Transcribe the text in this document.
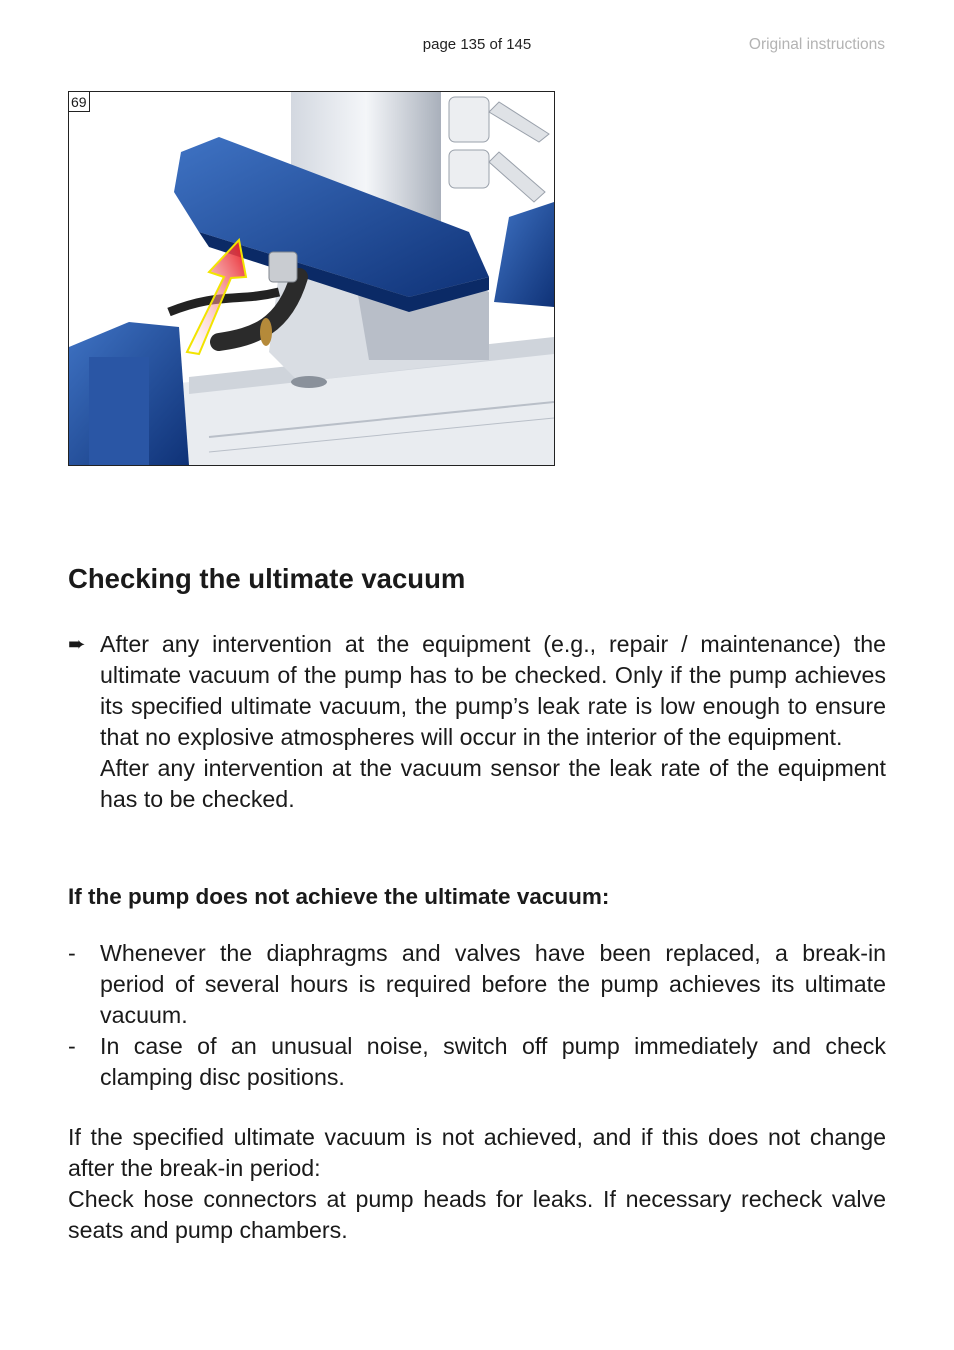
page 135 of 145	Original instructions
69
Checking the ultimate vacuum
➨ After any intervention at the equipment (e.g., repair / maintenance) the ultimate vacuum of the pump has to be checked. Only if the pump achieves its specified ultimate vacuum, the pump’s leak rate is low enough to ensure that no explosive atmospheres will occur in the interior of the equipment.

After any intervention at the vacuum sensor the leak rate of the equipment has to be checked.

If the pump does not achieve the ultimate vacuum:
-	Whenever the diaphragms and valves have been replaced, a break-in period of several hours is required before the pump achieves its ultimate vacuum.
-	In case of an unusual noise, switch off pump immediately and check clamping disc positions.

If the specified ultimate vacuum is not achieved, and if this does not change after the break-in period:

Check hose connectors at pump heads for leaks. If necessary recheck valve seats and pump chambers.
